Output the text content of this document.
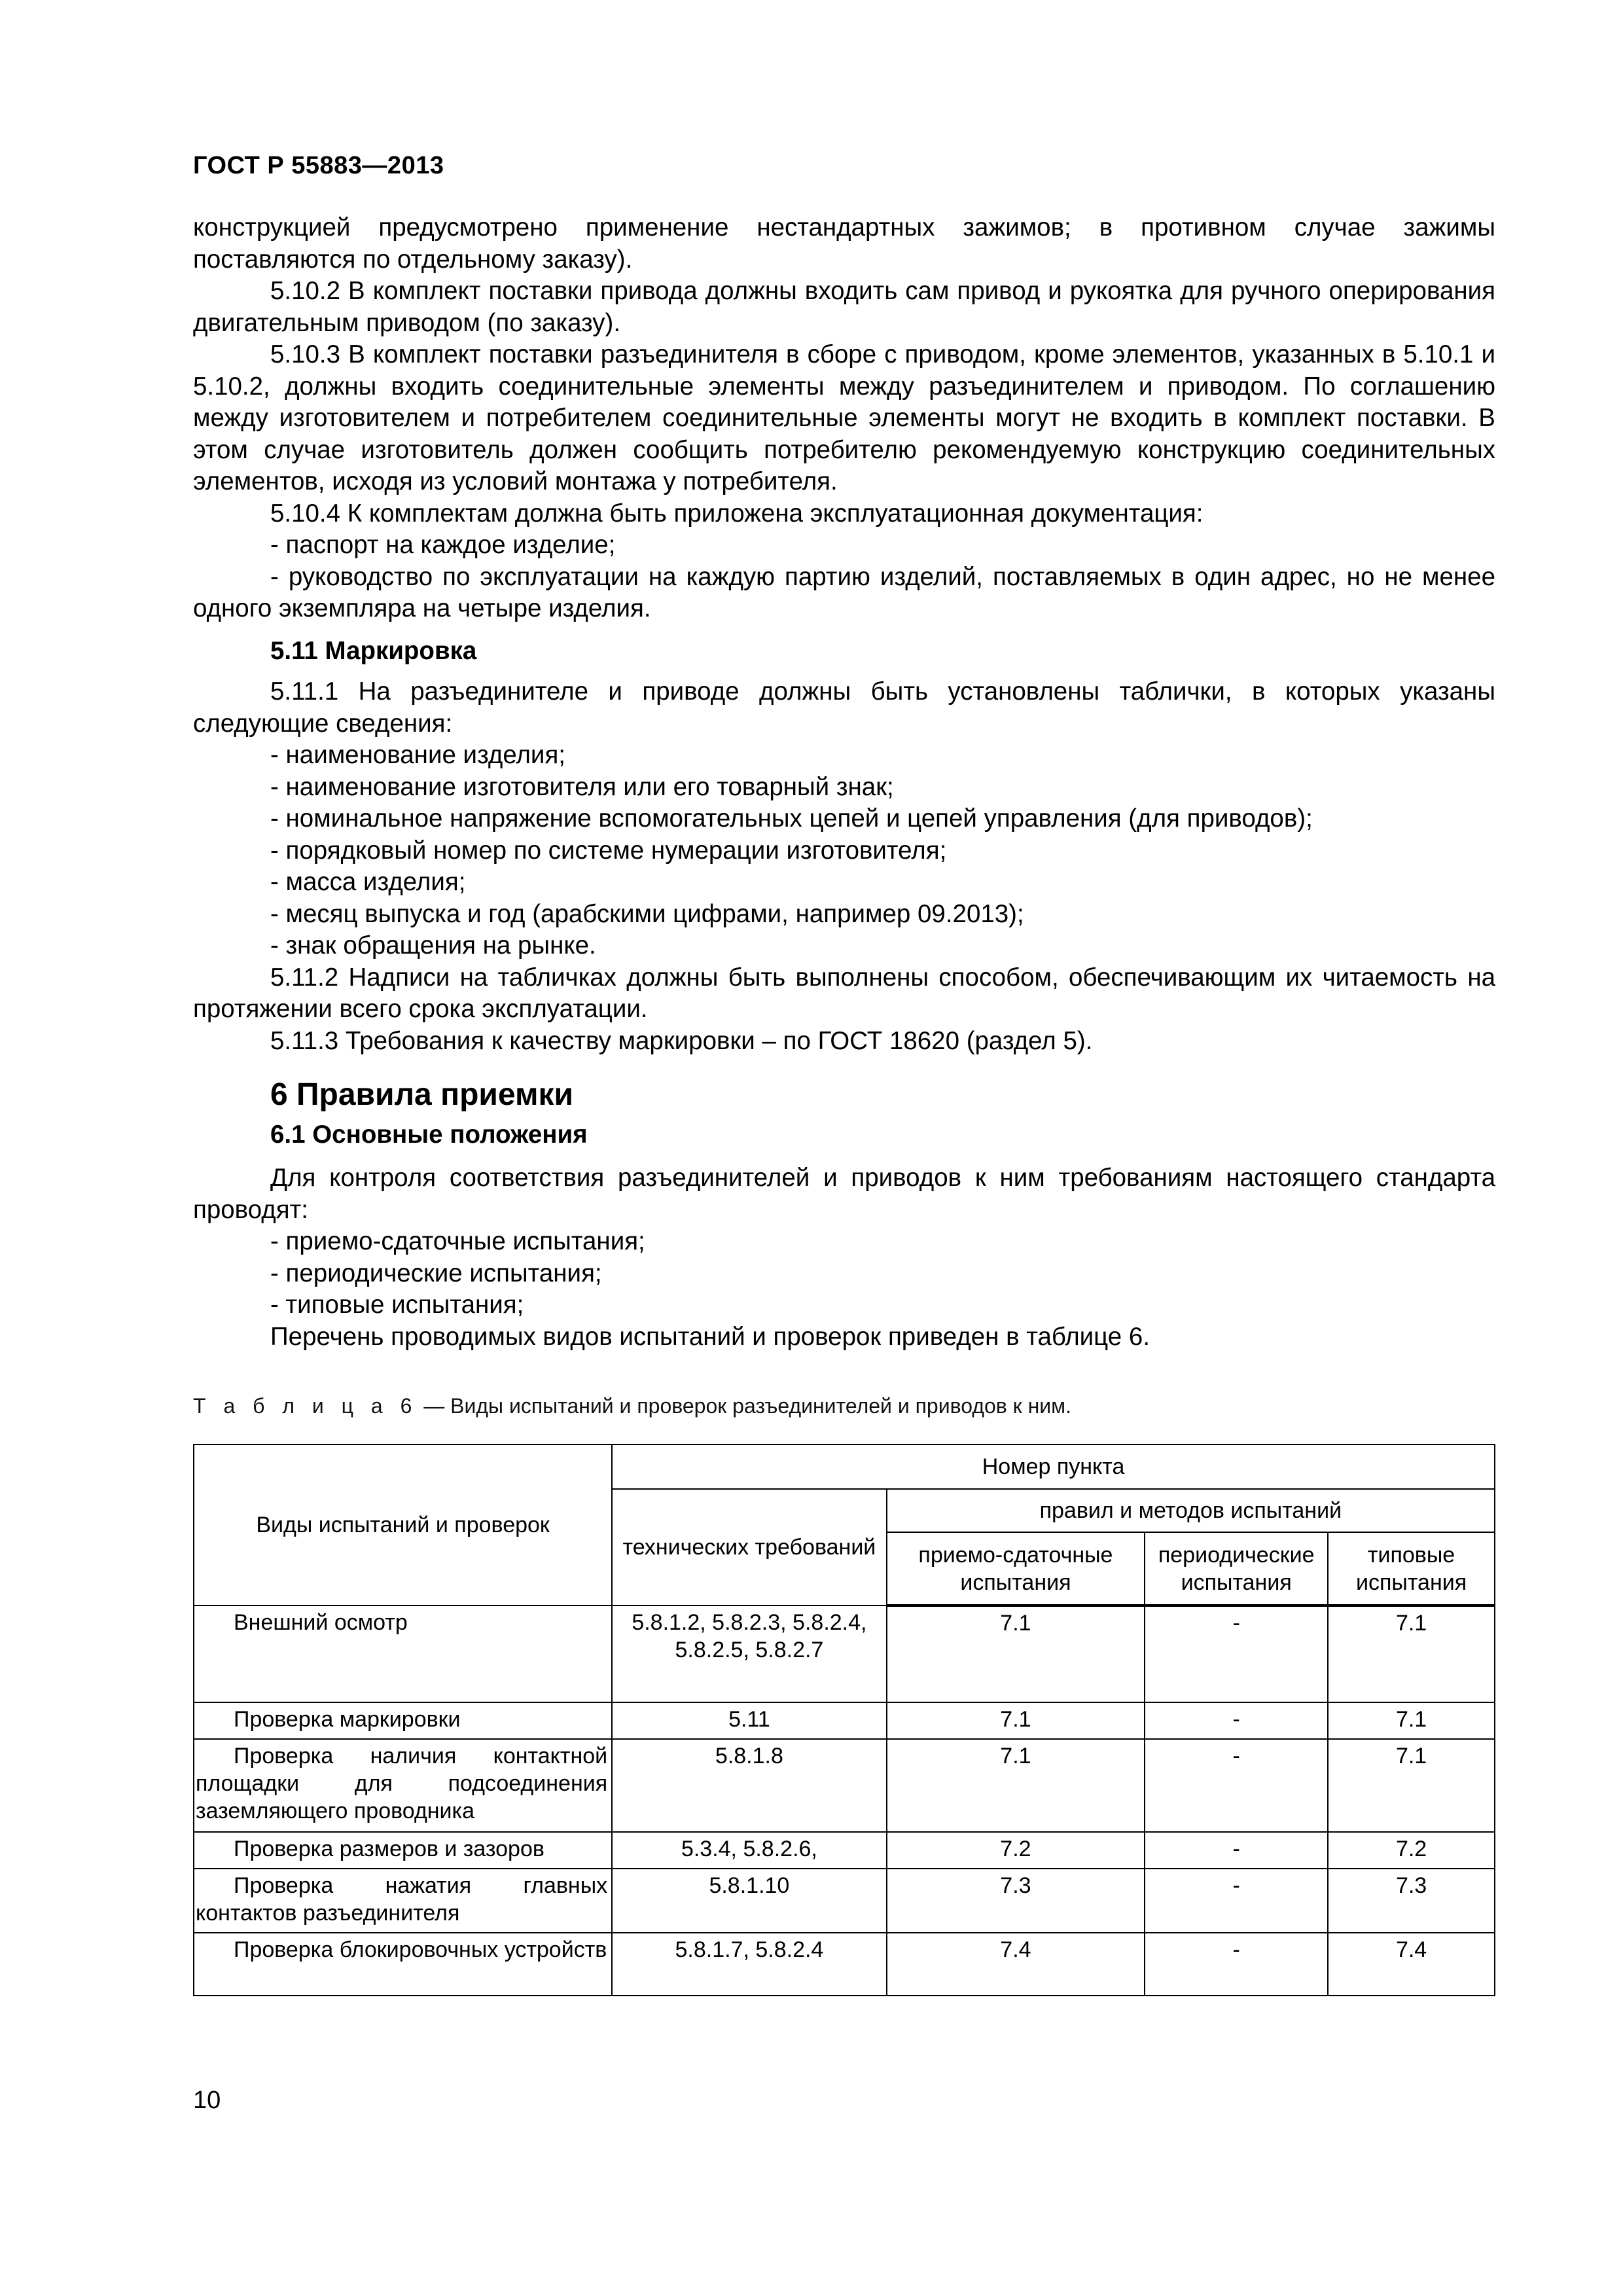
ГОСТ Р 55883—2013

конструкцией предусмотрено применение нестандартных зажимов; в противном случае зажимы поставляются по отдельному заказу).

5.10.2 В комплект поставки привода должны входить сам привод и рукоятка для ручного оперирования двигательным приводом (по заказу).

5.10.3 В комплект поставки разъединителя в сборе с приводом, кроме элементов, указанных в 5.10.1 и 5.10.2, должны входить соединительные элементы между разъединителем и приводом. По соглашению между изготовителем и потребителем соединительные элементы могут не входить в комплект поставки. В этом случае изготовитель должен сообщить потребителю рекомендуемую конструкцию соединительных элементов, исходя из условий монтажа у потребителя.

5.10.4 К комплектам должна быть приложена эксплуатационная документация:

- паспорт на каждое изделие;

- руководство по эксплуатации на каждую партию изделий, поставляемых в один адрес, но не менее одного экземпляра на четыре изделия.

5.11 Маркировка

5.11.1 На разъединителе и приводе должны быть установлены таблички, в которых указаны следующие сведения:

- наименование изделия;

- наименование изготовителя или его товарный знак;

- номинальное напряжение вспомогательных цепей и цепей управления (для приводов);

- порядковый номер по системе нумерации изготовителя;

- масса изделия;

- месяц выпуска и год (арабскими цифрами, например 09.2013);

- знак обращения на рынке.

5.11.2 Надписи на табличках должны быть выполнены способом, обеспечивающим их читаемость на протяжении всего срока эксплуатации.

5.11.3 Требования к качеству маркировки – по ГОСТ 18620 (раздел 5).

6 Правила приемки

6.1 Основные положения

Для контроля соответствия разъединителей и приводов к ним требованиям настоящего стандарта проводят:

- приемо-сдаточные испытания;

- периодические испытания;

- типовые испытания;

Перечень проводимых видов испытаний и проверок приведен в таблице 6.

Т а б л и ц а 6 — Виды испытаний и проверок разъединителей и приводов к ним.
Виды испытаний и проверок	Номер пункта			
	технических требований	правил и методов испытаний		
		приемо-сдаточные испытания	периодические испытания	типовые испытания

Внешний осмотр	5.8.1.2, 5.8.2.3, 5.8.2.4, 5.8.2.5, 5.8.2.7	7.1	-	7.1

Проверка маркировки	5.11	7.1	-	7.1

Проверка наличия контактной площадки для подсоединения заземляющего проводника	5.8.1.8	7.1	-	7.1

Проверка размеров и зазоров	5.3.4, 5.8.2.6,	7.2	-	7.2

Проверка нажатия главных контактов разъединителя	5.8.1.10	7.3	-	7.3

Проверка блокировочных устройств	5.8.1.7, 5.8.2.4	7.4	-	7.4
10
